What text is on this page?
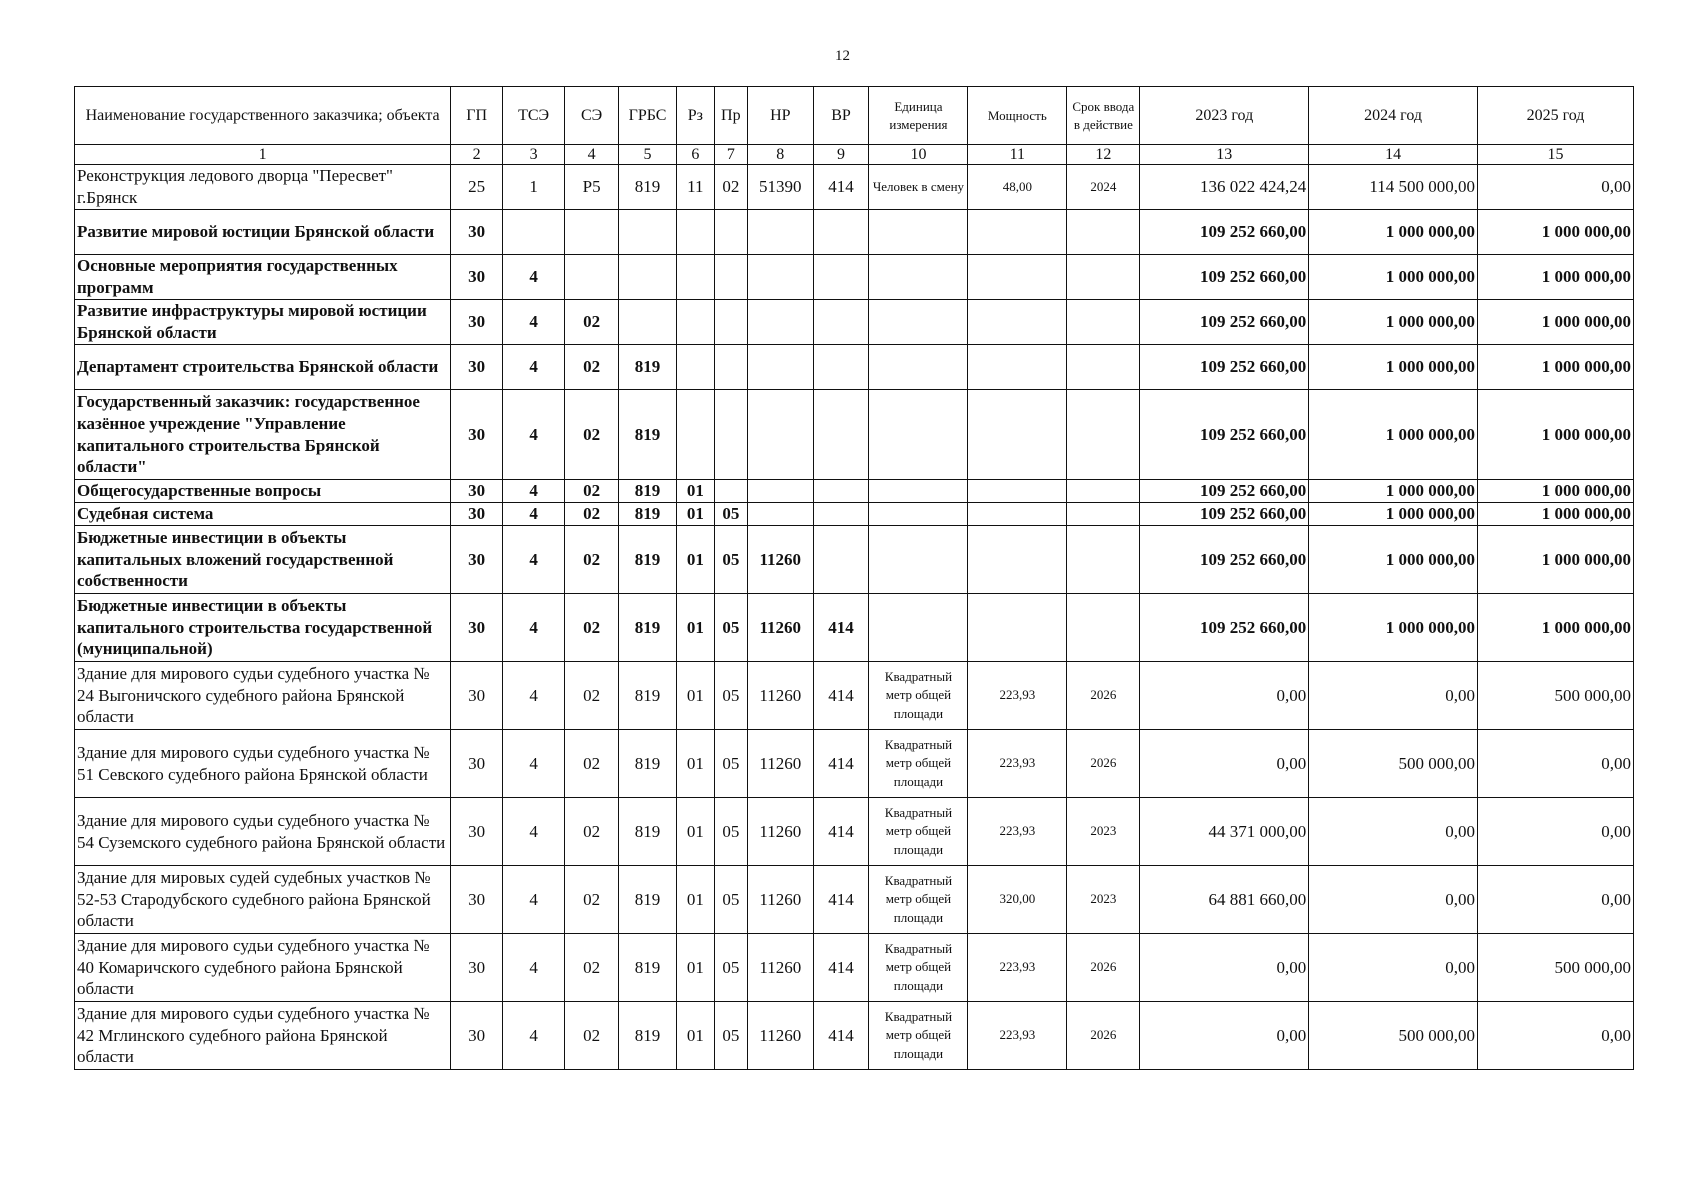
12
Наименование государственного заказчика; объекта	ГП	ТСЭ	СЭ	ГРБС	Рз	Пр	НР	ВР	Единица измерения	Мощность	Срок ввода в действие	2023 год	2024 год	2025 год
1	2	3	4	5	6	7	8	9	10	11	12	13	14	15
Реконструкция ледового дворца "Пересвет" г.Брянск	25	1	Р5	819	11	02	51390	414	Человек в смену	48,00	2024	136 022 424,24	114 500 000,00	0,00
Развитие мировой юстиции Брянской области	30											109 252 660,00	1 000 000,00	1 000 000,00
Основные мероприятия государственных программ	30	4										109 252 660,00	1 000 000,00	1 000 000,00
Развитие инфраструктуры мировой юстиции Брянской области	30	4	02									109 252 660,00	1 000 000,00	1 000 000,00
Департамент строительства Брянской области	30	4	02	819								109 252 660,00	1 000 000,00	1 000 000,00
Государственный заказчик: государственное казённое учреждение "Управление капитального строительства Брянской области"	30	4	02	819								109 252 660,00	1 000 000,00	1 000 000,00
Общегосударственные вопросы	30	4	02	819	01							109 252 660,00	1 000 000,00	1 000 000,00
Судебная система	30	4	02	819	01	05						109 252 660,00	1 000 000,00	1 000 000,00
Бюджетные инвестиции в объекты капитальных вложений государственной собственности	30	4	02	819	01	05	11260					109 252 660,00	1 000 000,00	1 000 000,00
Бюджетные инвестиции в объекты капитального строительства государственной (муниципальной)	30	4	02	819	01	05	11260	414				109 252 660,00	1 000 000,00	1 000 000,00
Здание для мирового судьи судебного участка № 24 Выгоничского судебного района Брянской области	30	4	02	819	01	05	11260	414	Квадратный метр общей площади	223,93	2026	0,00	0,00	500 000,00
Здание для мирового судьи судебного участка № 51 Севского судебного района Брянской области	30	4	02	819	01	05	11260	414	Квадратный метр общей площади	223,93	2026	0,00	500 000,00	0,00
Здание для мирового судьи судебного участка № 54 Суземского судебного района Брянской области	30	4	02	819	01	05	11260	414	Квадратный метр общей площади	223,93	2023	44 371 000,00	0,00	0,00
Здание для мировых судей судебных участков № 52-53 Стародубского судебного района Брянской области	30	4	02	819	01	05	11260	414	Квадратный метр общей площади	320,00	2023	64 881 660,00	0,00	0,00
Здание для мирового судьи судебного участка № 40 Комаричского судебного района Брянской области	30	4	02	819	01	05	11260	414	Квадратный метр общей площади	223,93	2026	0,00	0,00	500 000,00
Здание для мирового судьи судебного участка № 42 Мглинского судебного района Брянской области	30	4	02	819	01	05	11260	414	Квадратный метр общей площади	223,93	2026	0,00	500 000,00	0,00
